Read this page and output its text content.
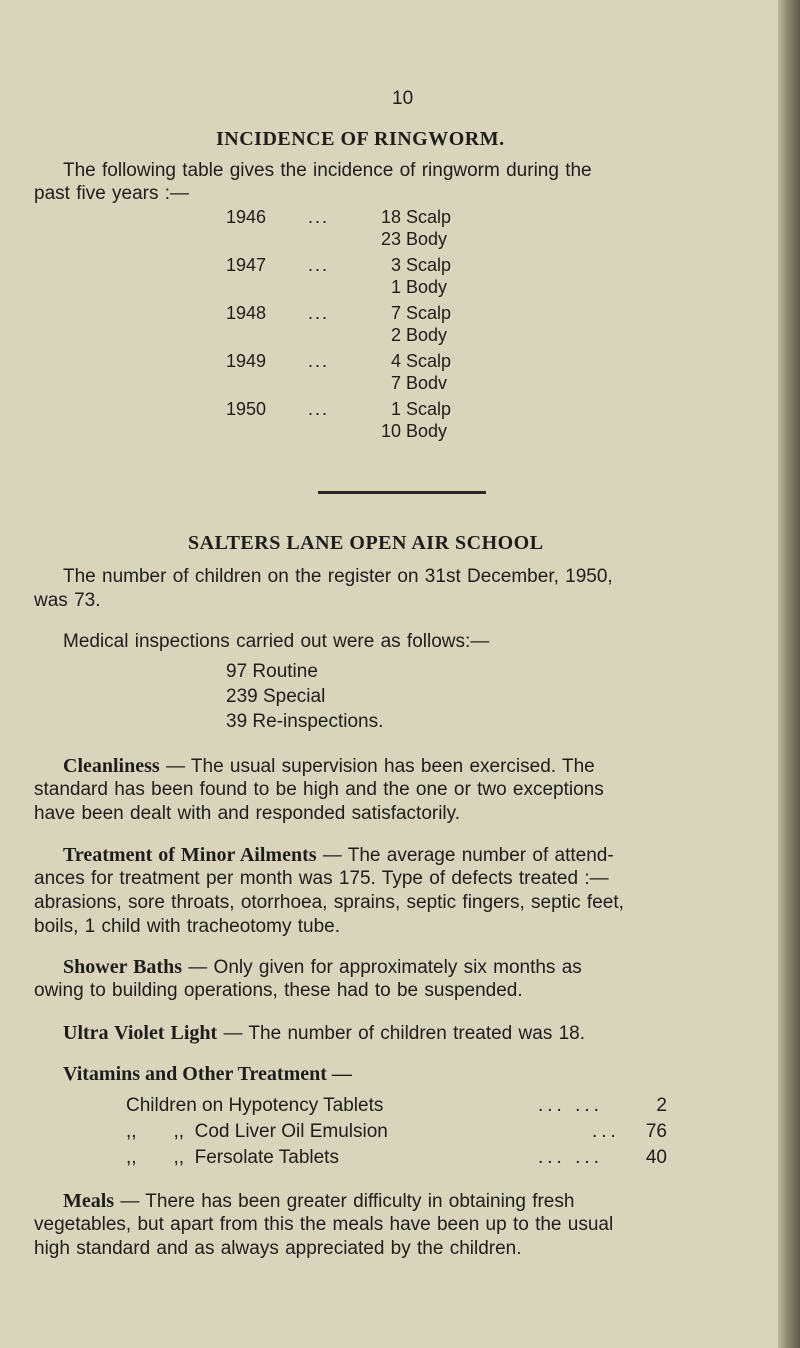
10
INCIDENCE OF RINGWORM.
The following table gives the incidence of ringworm during the
past five years :—
1946 ...	18 Scalp
23 Body
1947 ...	3 Scalp
1 Body
1948 ...	7 Scalp
2 Body
1949 ...	4 Scalp
7 Bodv
1950 ...	1 Scalp
10 Body
SALTERS LANE OPEN AIR SCHOOL
The number of children on the register on 31st December, 1950,
was 73.
Medical inspections carried out were as follows:—
97 Routine
239 Special
39 Re-inspections.
Cleanliness — The usual supervision has been exercised. The
standard has been found to be high and the one or two exceptions
have been dealt with and responded satisfactorily.
Treatment of Minor Ailments — The average number of attend-
ances for treatment per month was 175. Type of defects treated :—
abrasions, sore throats, otorrhoea, sprains, septic fingers, septic feet,
boils, 1 child with tracheotomy tube.
Shower Baths — Only given for approximately six months as
owing to building operations, these had to be suspended.
Ultra Violet Light — The number of children treated was 18.
Vitamins and Other Treatment —
Children on Hypotency Tablets	... ...	2
,,       ,,  Cod Liver Oil Emulsion	...	76
,,       ,,  Fersolate Tablets	... ...	40
Meals — There has been greater difficulty in obtaining fresh
vegetables, but apart from this the meals have been up to the usual
high standard and as always appreciated by the children.
